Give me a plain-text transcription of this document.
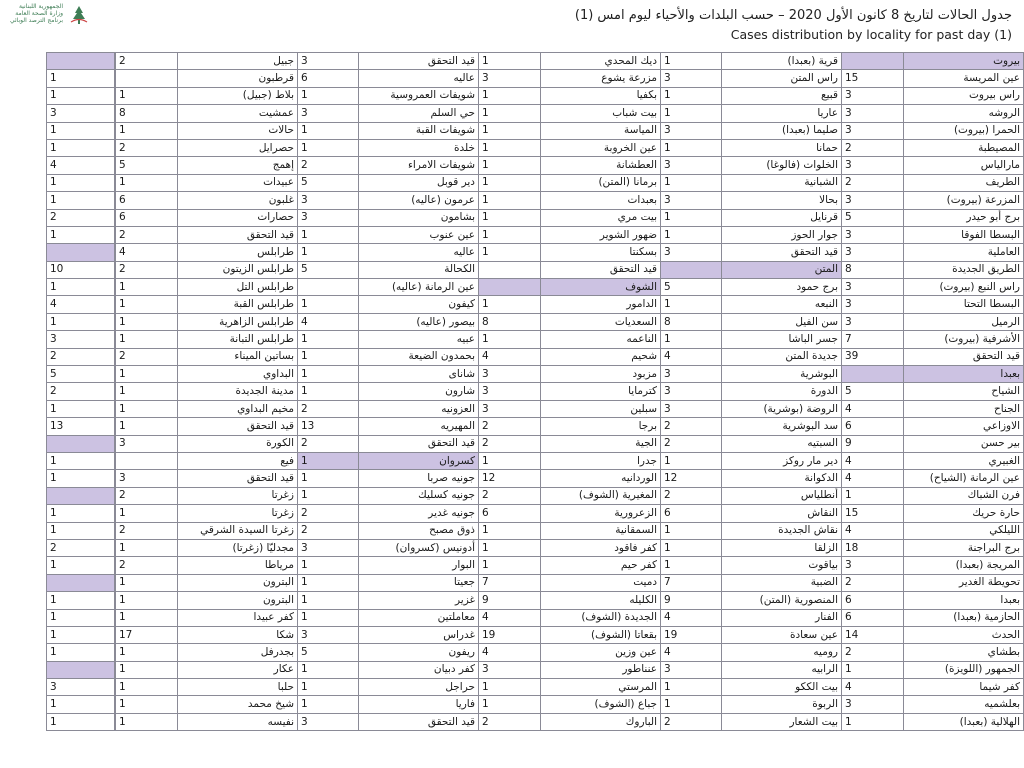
الجمهورية اللبنانية
وزارة الصحة العامة
برنامج الترصد الوبائي	جدول الحالات لتاريخ 8 كانون الأول 2020 – حسب البلدات والأحياء ليوم امس (1)
Cases distribution by locality for past day (1)
بيروت		قرية (بعبدا)	1	ديك المحدي	1	قيد التحقق	3	جبيل	2		
عين المريسة	15	راس المتن	3	مزرعة يشوع	3	عاليه	6	قرطبون			1
راس بيروت	3	قبيع	1	بكفيا	1	شويفات العمروسية	1	بلاط (جبيل)	1		1
الروشه	3	عاريا	1	بيت شباب	1	حي السلم	3	عمشيت	8		3
الحمرا (بيروت)	3	صليما (بعبدا)	3	المياسة	1	شويفات القبة	1	حالات	1		1
المصيطبة	2	حمانا	1	عين الخروبة	1	خلدة	1	حصرايل	2		1
مارالياس	3	الخلوات (فالوغا)	3	العطشانة	1	شويفات الامراء	2	إهمج	5		4
الطريف	2	الشبانية	1	برمانا (المتن)	1	دير قوبل	5	عبيدات	1		1
المزرعة (بيروت)	3	بحالا	3	بعبدات	1	عرمون (عاليه)	3	غلبون	6		1
برج أبو حيدر	5	قرنايل	1	بيت مري	1	بشامون	3	حصارات	6		2
البسطا الفوقا	3	جوار الحوز	1	ضهور الشوير	1	عين عنوب	1	قيد التحقق	2		1
العاملية	3	قيد التحقق	3	بسكنتا	1	عاليه	1	طرابلس	4		
الطريق الجديدة	8	المتن		قيد التحقق		الكحالة	5	طرابلس الزيتون	2		10
راس النبع (بيروت)	3	برج حمود	5	الشوف		عين الرمانة (عاليه)		طرابلس التل	1		1
البسطا التحتا	3	النبعه	1	الدامور	1	كيفون	1	طرابلس القبة	1		4
الرميل	3	سن الفيل	8	السعديات	8	بيصور (عاليه)	4	طرابلس الزاهرية	1		1
الأشرفية (بيروت)	7	جسر الباشا	1	الناعمه	1	عبيه	1	طرابلس التبانة	1		3
قيد التحقق	39	جديدة المتن	4	شحيم	4	بحمدون الضيعة	1	بساتين الميناء	2		2
بعبدا		البوشرية	3	مزبود	3	شانای	1	البداوي	1		5
الشياح	5	الدورة	3	كترمايا	3	شارون	1	مدينة الجديدة	1		2
الجناح	4	الروضة (بوشرية)	3	سبلين	3	العزونيه	2	مخيم البداوي	1		1
الاوزاعي	6	سد البوشرية	2	برجا	2	المهيريه	13	قيد التحقق	1		13
بير حسن	9	السبتيه	2	الجية	2	قيد التحقق	2	الكورة	3		
الغبيري	4	دير مار روكز	1	جدرا	1	كسروان	1	فيع			1
عين الرمانة (الشياح)	4	الدكوانة	12	الوردانيه	12	جونيه صربا	1	قيد التحقق	3		1
فرن الشباك	1	أنطلياس	2	المغيرية (الشوف)	2	جونيه كسليك	1	زغرتا	2		
حارة حريك	15	النقاش	6	الزعرورية	6	جونيه غدير	2	زغرتا	1		1
الليلكي	4	نقاش الجديدة	1	السمقانية	1	ذوق مصبح	2	زغرتا السيدة الشرقي	2		1
برج البراجنة	18	الزلقا	1	كفر فاقود	1	أدونيس (كسروان)	3	مجدليّا (زغرتا)	1		2
المريجة (بعبدا)	3	بياقوت	1	كفر حيم	1	البوار	1	مرياطا	2		1
تحويطة الغدير	2	الضبية	7	دميت	7	جعيتا	1	البترون	1		
بعبدا	6	المنصورية (المتن)	9	الكليله	9	غزير	1	البترون	1		1
الحازمية (بعبدا)	6	الفنار	4	الجديدة (الشوف)	4	معاملتين	1	كفر عبيدا	1		1
الحدث	14	عين سعادة	19	بقعاتا (الشوف)	19	غدراس	3	شكا	17		1
بطشاي	2	روميه	4	عين وزين	4	ريفون	5	بجدرفل	1		1
الجمهور (اللويزة)	1	الرابيه	3	عنناطور	3	كفر دبيان	1	عكار	1		
كفر شيما	4	بيت الككو	1	المرستي	1	حراجل	1	حلبا	1		3
بعلشميه	3	الربوة	1	جباع (الشوف)	1	فاريا	1	شيخ محمد	1		1
الهلالية (بعبدا)	1	بيت الشعار	2	الباروك	2	قيد التحقق	3	نفيسه	1		1
